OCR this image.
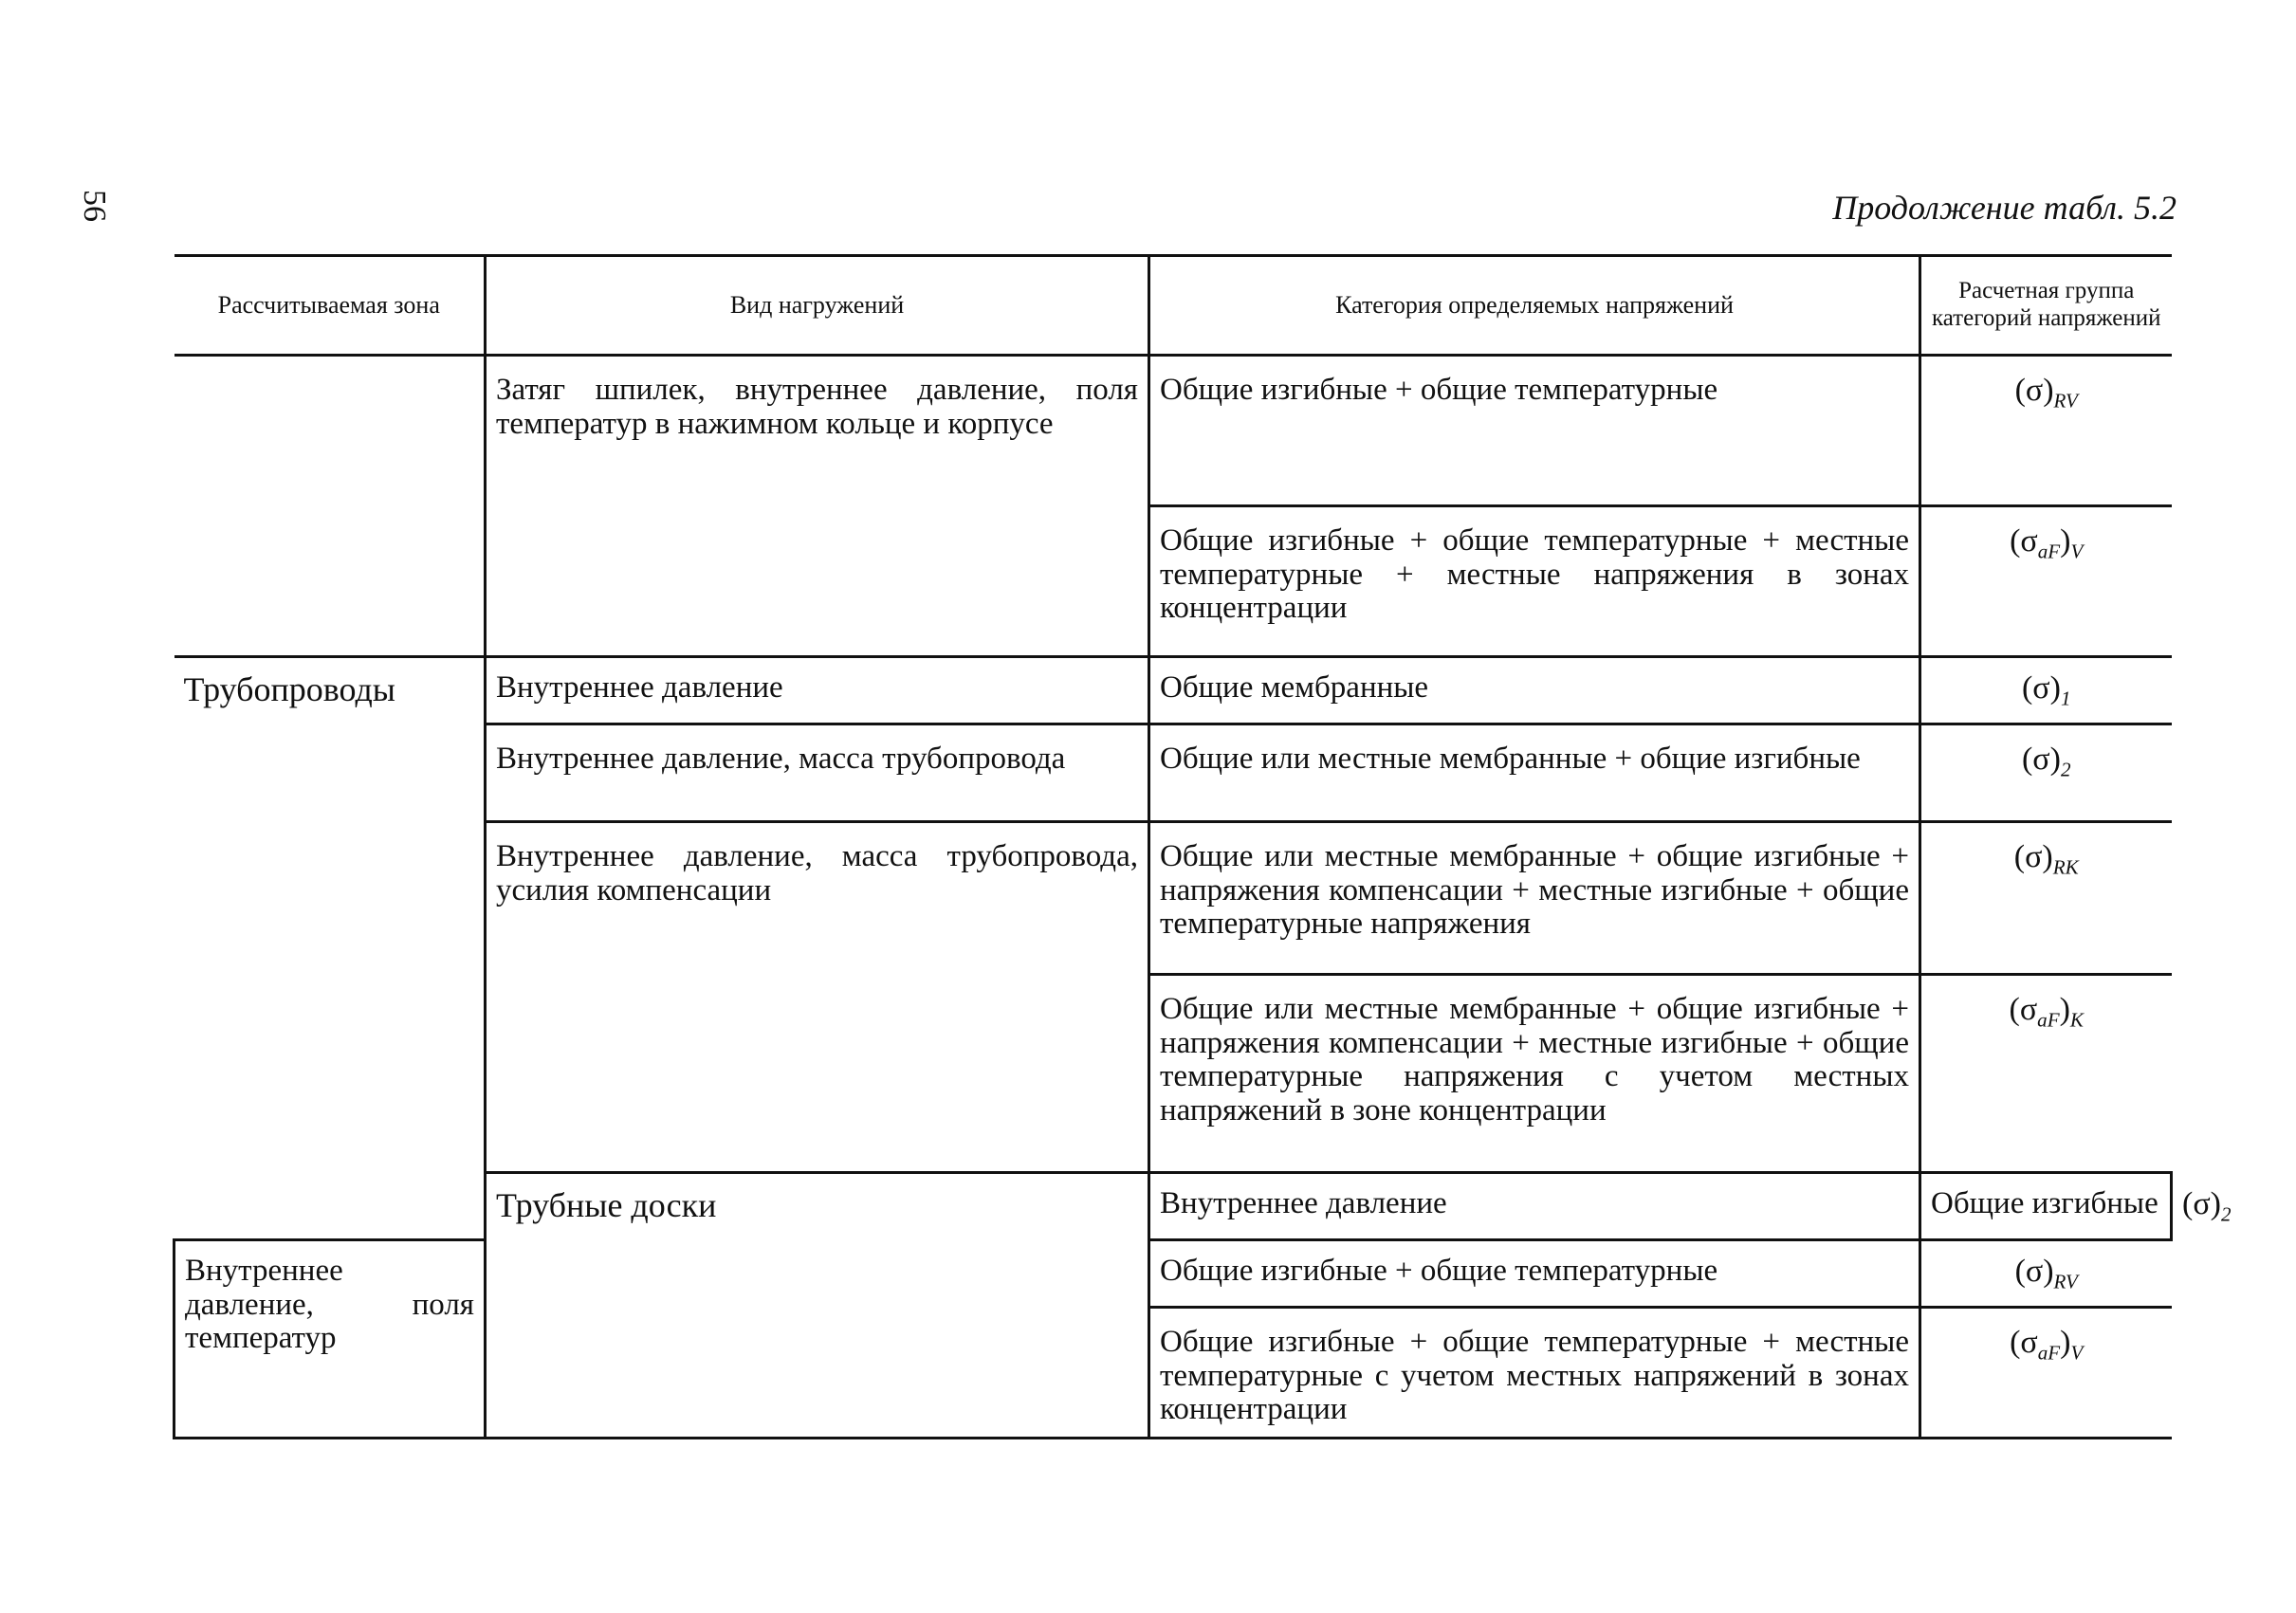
56	Продолжение табл. 5.2
Рассчитываемая зона	Вид нагружений	Категория определяемых напряжений	Расчетная группа категорий напряжений	
	Затяг шпилек, внутреннее давление, поля температур в нажимном кольце и корпусе	Общие изгибные + общие температурные	$(\sigma)_{RV}$
		Общие изгибные + общие температурные + местные температурные + местные напряжения в зонах концентрации	$(\sigma_{aF})_V$
Трубопроводы	Внутреннее давление	Общие мембранные	$(\sigma)_1$
	Внутреннее давление, масса трубопровода	Общие или местные мембранные + общие изгибные	$(\sigma)_2$
	Внутреннее давление, масса трубопровода, усилия компенсации	Общие или местные мембранные + общие изгибные + напряжения компенсации + местные изгибные + общие температурные напряжения	$(\sigma)_{RK}$
		Общие или местные мембранные + общие изгибные + напряжения компенсации + местные изгибные + общие температурные напряжения с учетом местных напряжений в зоне концентрации	$(\sigma_{aF})_K$
	Трубные доски	Внутреннее давление	Общие изгибные	$(\sigma)_2$
Внутреннее давление, поля температур		Общие изгибные + общие температурные	$(\sigma)_{RV}$
		Общие изгибные + общие температурные + местные температурные с учетом местных напряжений в зонах концентрации	$(\sigma_{aF})_V$
